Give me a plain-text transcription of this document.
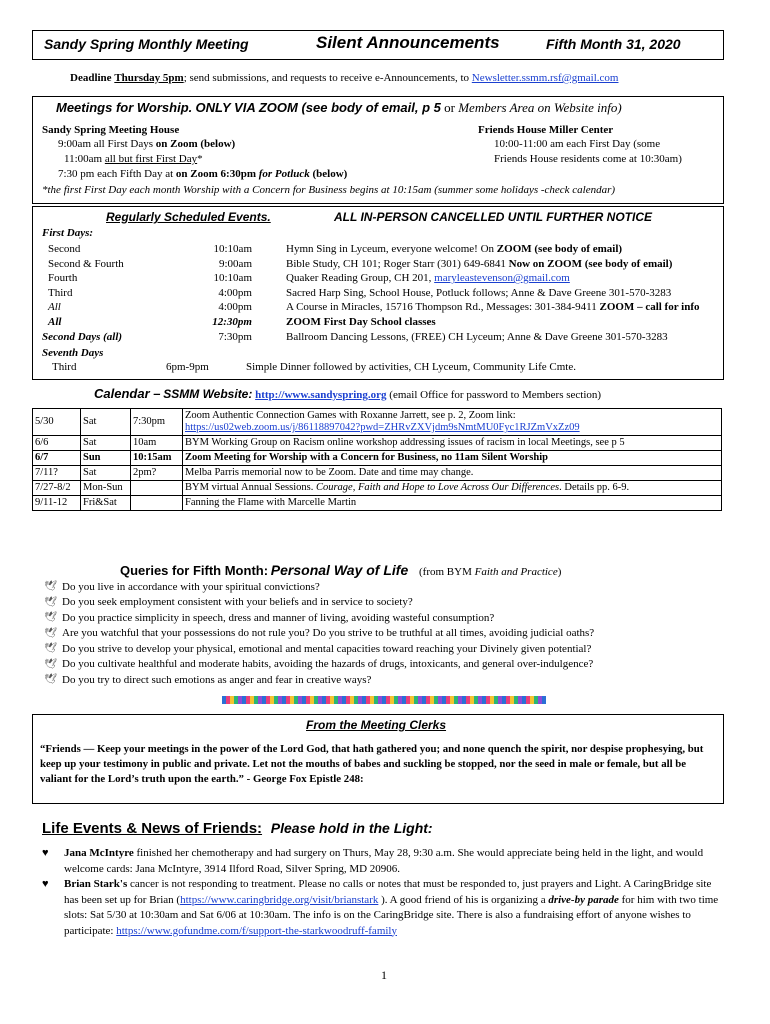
Sandy Spring Monthly Meeting	Silent Announcements	Fifth Month 31, 2020
Deadline Thursday 5pm; send submissions, and requests to receive e-Announcements, to Newsletter.ssmm.rsf@gmail.com
Meetings for Worship. ONLY VIA ZOOM (see body of email, p 5 or Members Area on Website info)
Sandy Spring Meeting House
9:00am all First Days on Zoom (below)
11:00am all but first First Day*
7:30 pm each Fifth Day at on Zoom 6:30pm for Potluck (below)
Friends House Miller Center
10:00-11:00 am each First Day (some
Friends House residents come at 10:30am)
*the first First Day each month Worship with a Concern for Business begins at 10:15am (summer some holidays -check calendar)
Regularly Scheduled Events.	ALL IN-PERSON CANCELLED UNTIL FURTHER NOTICE
First Days:
Second	10:10am	Hymn Sing in Lyceum, everyone welcome! On ZOOM (see body of email)
Second & Fourth	9:00am	Bible Study, CH 101; Roger Starr (301) 649-6841 Now on ZOOM (see body of email)
Fourth	10:10am	Quaker Reading Group, CH 201, maryleastevenson@gmail.com
Third	4:00pm	Sacred Harp Sing, School House, Potluck follows; Anne & Dave Greene 301-570-3283
All	4:00pm	A Course in Miracles, 15716 Thompson Rd., Messages: 301-384-9411 ZOOM – call for info
All	12:30pm	ZOOM First Day School classes
Second Days (all)	7:30pm	Ballroom Dancing Lessons, (FREE) CH Lyceum; Anne & Dave Greene 301-570-3283
Seventh Days
Third	6pm-9pm	Simple Dinner followed by activities, CH Lyceum, Community Life Cmte.
Calendar – SSMM Website: http://www.sandyspring.org (email Office for password to Members section)
5/30	Sat	7:30pm	Zoom Authentic Connection Games with Roxanne Jarrett, see p. 2, Zoom link:
https://us02web.zoom.us/j/86118897042?pwd=ZHRvZXVjdm9sNmtMU0Fyc1RJZmVxZz09
6/6	Sat	10am	BYM Working Group on Racism online workshop addressing issues of racism in local Meetings, see p 5
6/7	Sun	10:15am	Zoom Meeting for Worship with a Concern for Business, no 11am Silent Worship
7/11?	Sat	2pm?	Melba Parris memorial now to be Zoom. Date and time may change.
7/27-8/2	Mon-Sun		BYM virtual Annual Sessions. Courage, Faith and Hope to Love Across Our Differences. Details pp. 6-9.
9/11-12	Fri&Sat		Fanning the Flame with Marcelle Martin
Queries for Fifth Month: Personal Way of Life (from BYM Faith and Practice)
🕊︎ Do you live in accordance with your spiritual convictions?
🕊︎ Do you seek employment consistent with your beliefs and in service to society?
🕊︎ Do you practice simplicity in speech, dress and manner of living, avoiding wasteful consumption?
🕊︎ Are you watchful that your possessions do not rule you? Do you strive to be truthful at all times, avoiding judicial oaths?
🕊︎ Do you strive to develop your physical, emotional and mental capacities toward reaching your Divinely given potential?
🕊︎ Do you cultivate healthful and moderate habits, avoiding the hazards of drugs, intoxicants, and general over-indulgence?
🕊︎ Do you try to direct such emotions as anger and fear in creative ways?
From the Meeting Clerks
“Friends — Keep your meetings in the power of the Lord God, that hath gathered you; and none quench the spirit, nor despise prophesying, but keep up your testimony in public and private. Let not the mouths of babes and suckling be stopped, nor the seed in male or female, but all be valiant for the Lord’s truth upon the earth.” - George Fox Epistle 248:
Life Events & News of Friends: Please hold in the Light:
♥ Jana McIntyre finished her chemotherapy and had surgery on Thurs, May 28, 9:30 a.m. She would appreciate being held in the light, and would welcome cards: Jana McIntyre, 3914 Ilford Road, Silver Spring, MD 20906.
♥ Brian Stark's cancer is not responding to treatment. Please no calls or notes that must be responded to, just prayers and Light. A CaringBridge site has been set up for Brian (https://www.caringbridge.org/visit/brianstark ). A good friend of his is organizing a drive-by parade for him with two time slots: Sat 5/30 at 10:30am and Sat 6/06 at 10:30am. The info is on the CaringBridge site. There is also a fundraising effort of anyone wishes to participate: https://www.gofundme.com/f/support-the-starkwoodruff-family
1
